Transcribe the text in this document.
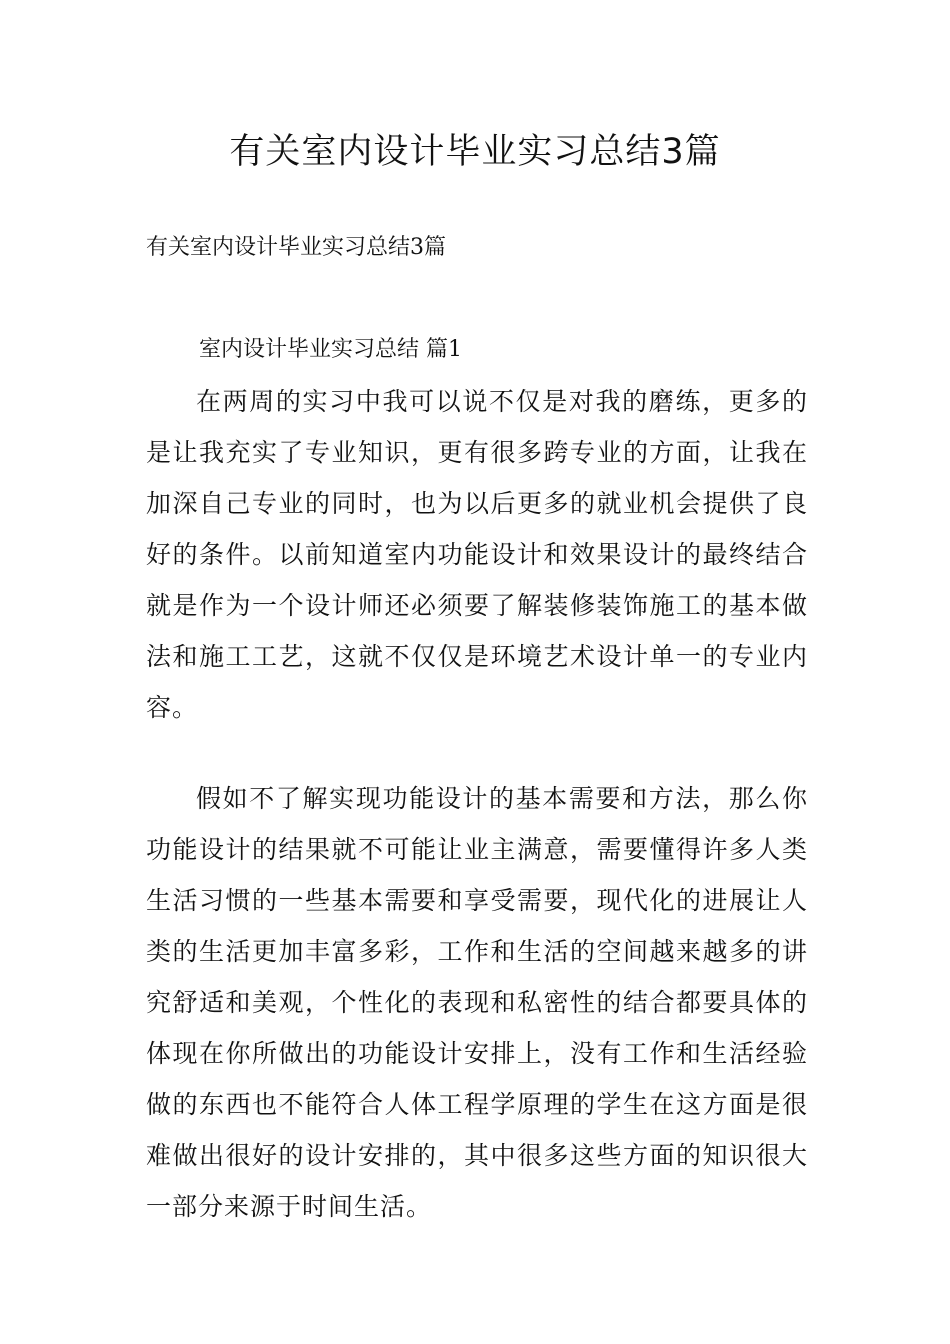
有关室内设计毕业实习总结3篇

有关室内设计毕业实习总结3篇

室内设计毕业实习总结 篇1

在两周的实习中我可以说不仅是对我的磨练，更多的是让我充实了专业知识，更有很多跨专业的方面，让我在加深自己专业的同时，也为以后更多的就业机会提供了良好的条件。以前知道室内功能设计和效果设计的最终结合就是作为一个设计师还必须要了解装修装饰施工的基本做法和施工工艺，这就不仅仅是环境艺术设计单一的专业内容。

假如不了解实现功能设计的基本需要和方法，那么你功能设计的结果就不可能让业主满意，需要懂得许多人类生活习惯的一些基本需要和享受需要，现代化的进展让人类的生活更加丰富多彩，工作和生活的空间越来越多的讲究舒适和美观，个性化的表现和私密性的结合都要具体的体现在你所做出的功能设计安排上，没有工作和生活经验做的东西也不能符合人体工程学原理的学生在这方面是很难做出很好的设计安排的，其中很多这些方面的知识很大一部分来源于时间生活。
